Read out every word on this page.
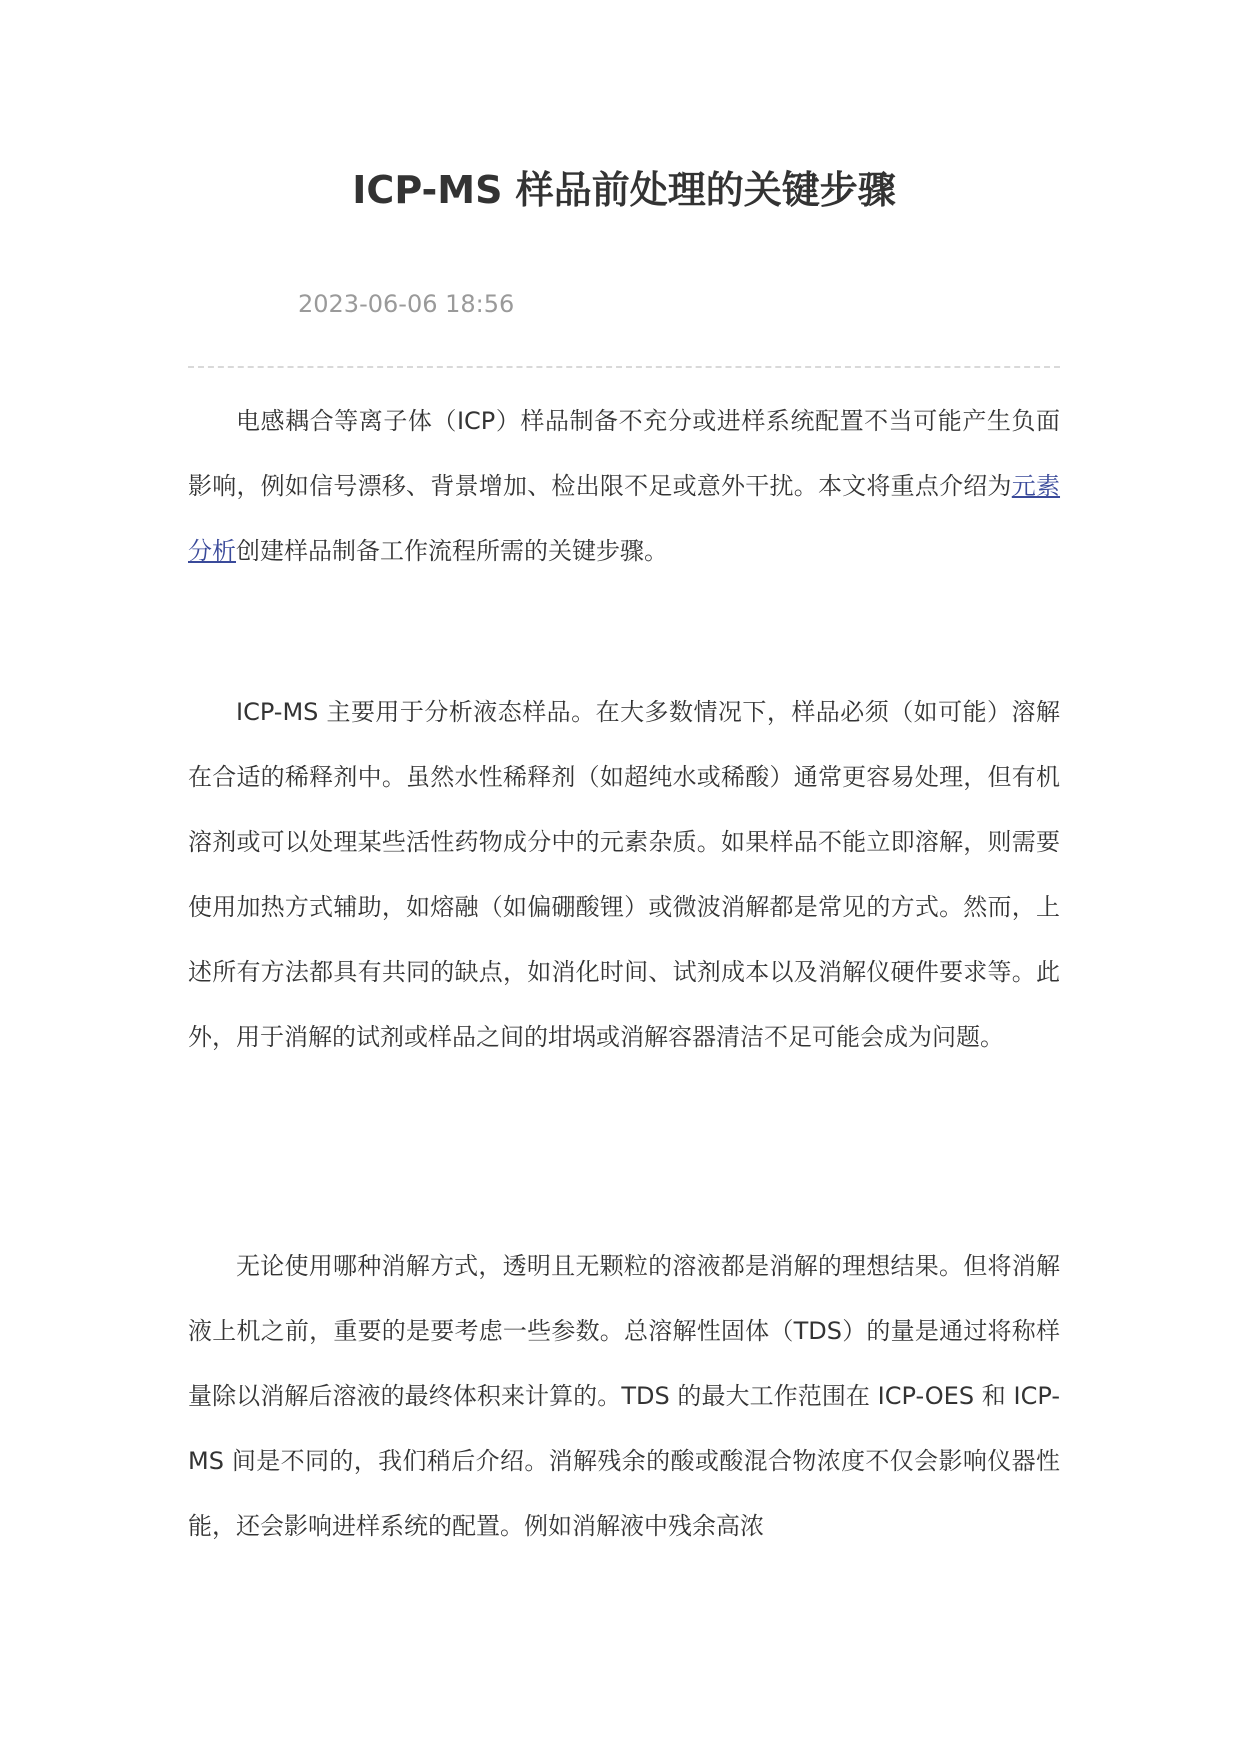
ICP-MS 样品前处理的关键步骤

2023-06-06 18:56

电感耦合等离子体（ICP）样品制备不充分或进样系统配置不当可能产生负面影响，例如信号漂移、背景增加、检出限不足或意外干扰。本文将重点介绍为元素分析创建样品制备工作流程所需的关键步骤。

ICP-MS 主要用于分析液态样品。在大多数情况下，样品必须（如可能）溶解在合适的稀释剂中。虽然水性稀释剂（如超纯水或稀酸）通常更容易处理，但有机溶剂或可以处理某些活性药物成分中的元素杂质。如果样品不能立即溶解，则需要使用加热方式辅助，如熔融（如偏硼酸锂）或微波消解都是常见的方式。然而，上述所有方法都具有共同的缺点，如消化时间、试剂成本以及消解仪硬件要求等。此外，用于消解的试剂或样品之间的坩埚或消解容器清洁不足可能会成为问题。

无论使用哪种消解方式，透明且无颗粒的溶液都是消解的理想结果。但将消解液上机之前，重要的是要考虑一些参数。总溶解性固体（TDS）的量是通过将称样量除以消解后溶液的最终体积来计算的。TDS 的最大工作范围在 ICP-OES 和 ICP-MS 间是不同的，我们稍后介绍。消解残余的酸或酸混合物浓度不仅会影响仪器性能，还会影响进样系统的配置。例如消解液中残余高浓
